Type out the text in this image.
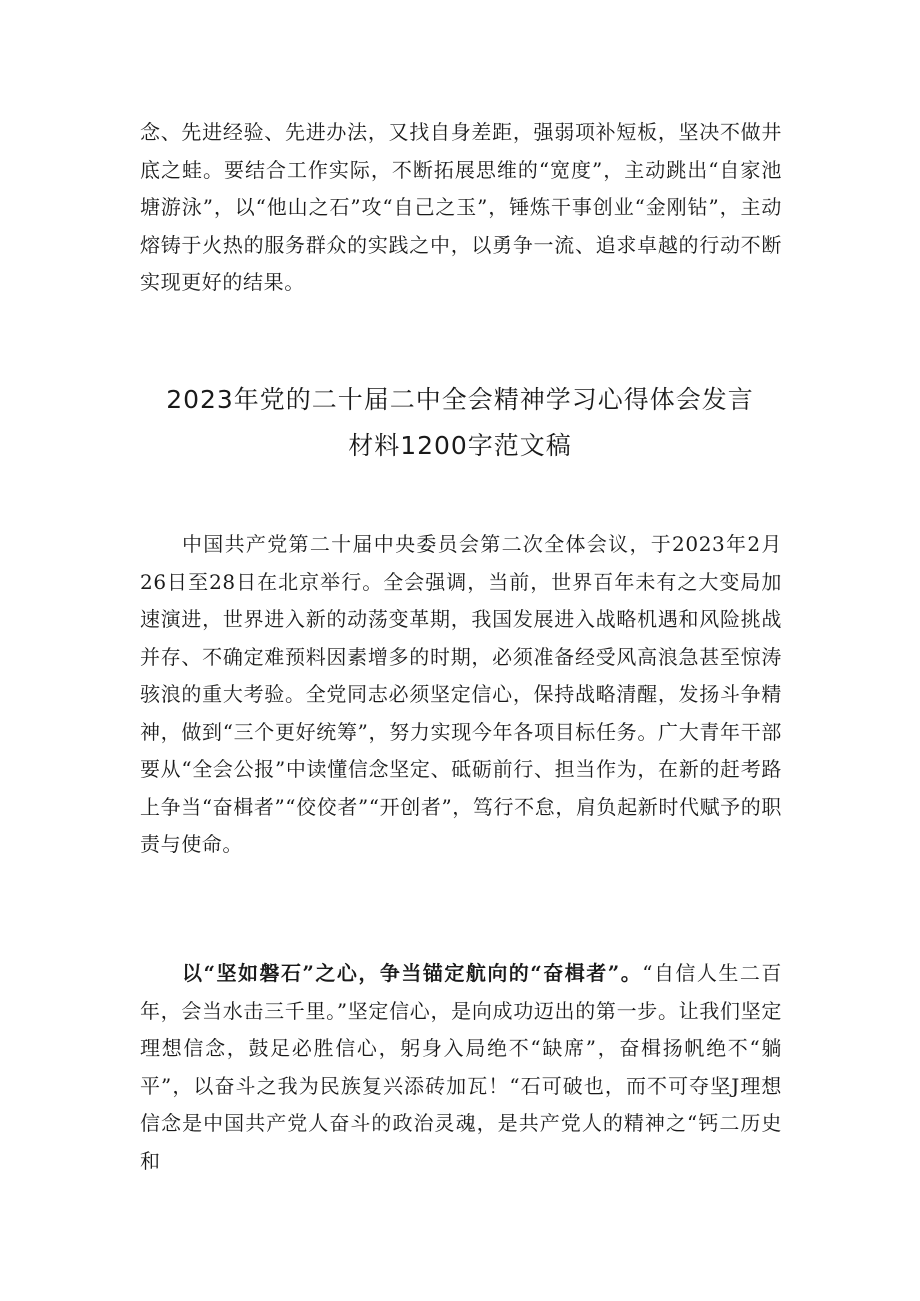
念、先进经验、先进办法，又找自身差距，强弱项补短板，坚决不做井底之蛙。要结合工作实际，不断拓展思维的“宽度”，主动跳出“自家池塘游泳”，以“他山之石”攻“自己之玉”，锤炼干事创业“金刚钻”，主动熔铸于火热的服务群众的实践之中，以勇争一流、追求卓越的行动不断实现更好的结果。

2023年党的二十届二中全会精神学习心得体会发言
材料1200字范文稿

中国共产党第二十届中央委员会第二次全体会议，于2023年2月26日至28日在北京举行。全会强调，当前，世界百年未有之大变局加速演进，世界进入新的动荡变革期，我国发展进入战略机遇和风险挑战并存、不确定难预料因素增多的时期，必须准备经受风高浪急甚至惊涛骇浪的重大考验。全党同志必须坚定信心，保持战略清醒，发扬斗争精神，做到“三个更好统筹”，努力实现今年各项目标任务。广大青年干部要从“全会公报”中读懂信念坚定、砥砺前行、担当作为，在新的赶考路上争当“奋楫者”“佼佼者”“开创者”，笃行不怠，肩负起新时代赋予的职责与使命。

以“坚如磐石”之心，争当锚定航向的“奋楫者”。“自信人生二百年，会当水击三千里。”坚定信心，是向成功迈出的第一步。让我们坚定理想信念，鼓足必胜信心，躬身入局绝不“缺席”，奋楫扬帆绝不“躺平”，以奋斗之我为民族复兴添砖加瓦！“石可破也，而不可夺坚J理想信念是中国共产党人奋斗的政治灵魂，是共产党人的精神之“钙二历史和
